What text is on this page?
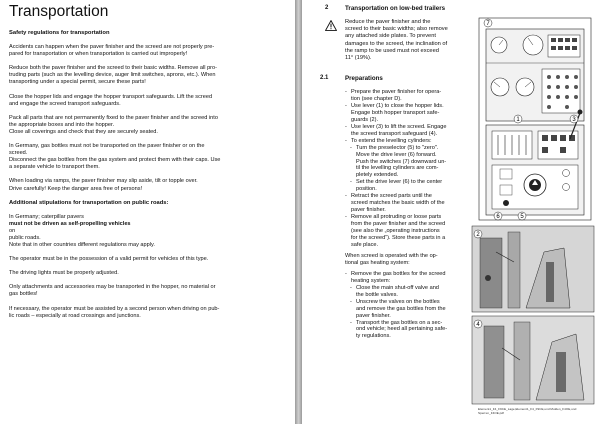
Transportation

Safety regulations for transportation

Accidents can happen when the paver finisher and the screed are not properly pre-
pared for transportation or when transportation is carried out improperly!

Reduce both the paver finisher and the screed to their basic widths. Remove all pro-
truding parts (such as the levelling device, auger limit switches, aprons, etc.). When
transporting under a special permit, secure these parts!

Close the hopper lids and engage the hopper transport safeguards. Lift the screed
and engage the screed transport safeguards.

Pack all parts that are not permanently fixed to the paver finisher and the screed into
the appropriate boxes and into the hopper.
Close all coverings and check that they are securely seated.

In Germany, gas bottles must not be transported on the paver finisher or on the
screed.
Disconnect the gas bottles from the gas system and protect them with their caps. Use
a separate vehicle to transport them.

When loading via ramps, the paver finisher may slip aside, tilt or topple over.
Drive carefully! Keep the danger area free of persons!

Additional stipulations for transportation on public roads:

In Germany; caterpillar pavers
must not be driven as self-propelling vehicles
on
public roads.
Note that in other countries different regulations may apply.

The operator must be in the possession of a valid permit for vehicles of this type.

The driving lights must be properly adjusted.

Only attachments and accessories may be transported in the hopper, no material or
gas bottles!

If necessary, the operator must be assisted by a second person when driving on pub-
lic roads – especially at road crossings and junctions.

2	Transportation on low-bed trailers
Reduce the paver finisher and the
screed to their basic widths; also remove
any attached side plates. To prevent
damages to the screed, the inclination of
the ramp to be used must not exceed
11° (19%).
2.1	Preparations
- Prepare the paver finisher for opera-
tion (see chapter D).
- Use lever (1) to close the hopper lids.
Engage both hopper transport safe-
guards (2).
- Use lever (3) to lift the screed. Engage
the screed transport safeguard (4).
- To extend the levelling cylinders:
- Turn the preselector (5) to "zero".
Move the drive lever (6) forward.
Push the switches (7) downward un-
til the levelling cylinders are com-
pletely extended.
- Set the drive lever (6) to the center
position.
- Retract the screed parts until the
screed matches the basic width of the
paver finisher.
- Remove all protruding or loose parts
from the paver finisher and the screed
(see also the „operating instructions
for the screed“). Store these parts in a
safe place.
When screed is operated with the op-
tional gas heating system:
- Remove the gas bottles for the screed
heating system:
- Close the main shut-off valve and
the bottle valves.
- Unscrew the valves on the bottles
and remove the gas bottles from the
paver finisher.
- Transport the gas bottles on a sec-
ond vehicle; heed all pertaining safe-
ty regulations.
7
1	3
6	5
2
4
Element1_F4_F9CE_Lage,Element1_F4_F9CE,und Mulden_F4OE,und
Sperren_F4OE.pdf
